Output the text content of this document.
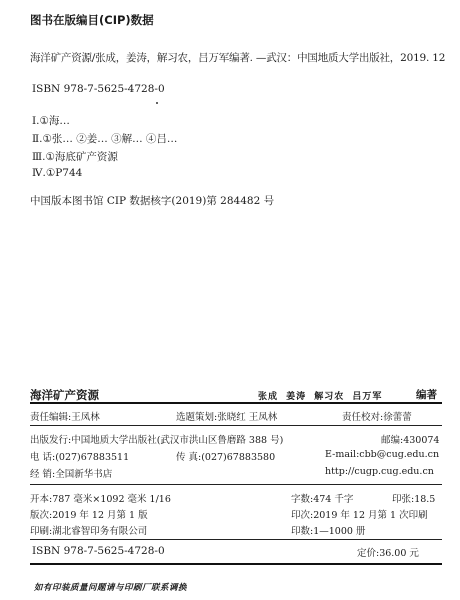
图书在版编目(CIP)数据
海洋矿产资源/张成，姜涛，解习农，吕万军编著. —武汉：中国地质大学出版社，2019. 12
ISBN 978-7-5625-4728-0
Ⅰ.①海…
Ⅱ.①张… ②姜… ③解… ④吕…
Ⅲ.①海底矿产资源
Ⅳ.①P744
中国版本图书馆 CIP 数据核字(2019)第 284482 号
海洋矿产资源	张成 姜涛 解习农 吕万军	编著
责任编辑:王凤林	选题策划:张晓红 王凤林	责任校对:徐蕾蕾
出版发行:中国地质大学出版社(武汉市洪山区鲁磨路 388 号)	邮编:430074
电 话:(027)67883511	传 真:(027)67883580	E-mail:cbb@cug.edu.cn
经 销:全国新华书店	http://cugp.cug.edu.cn
开本:787 毫米×1092 毫米 1/16	字数:474 千字	印张:18.5
版次:2019 年 12 月第 1 版	印次:2019 年 12 月第 1 次印刷
印刷:湖北睿智印务有限公司	印数:1—1000 册
ISBN 978-7-5625-4728-0	定价:36.00 元
如有印装质量问题请与印刷厂联系调换
